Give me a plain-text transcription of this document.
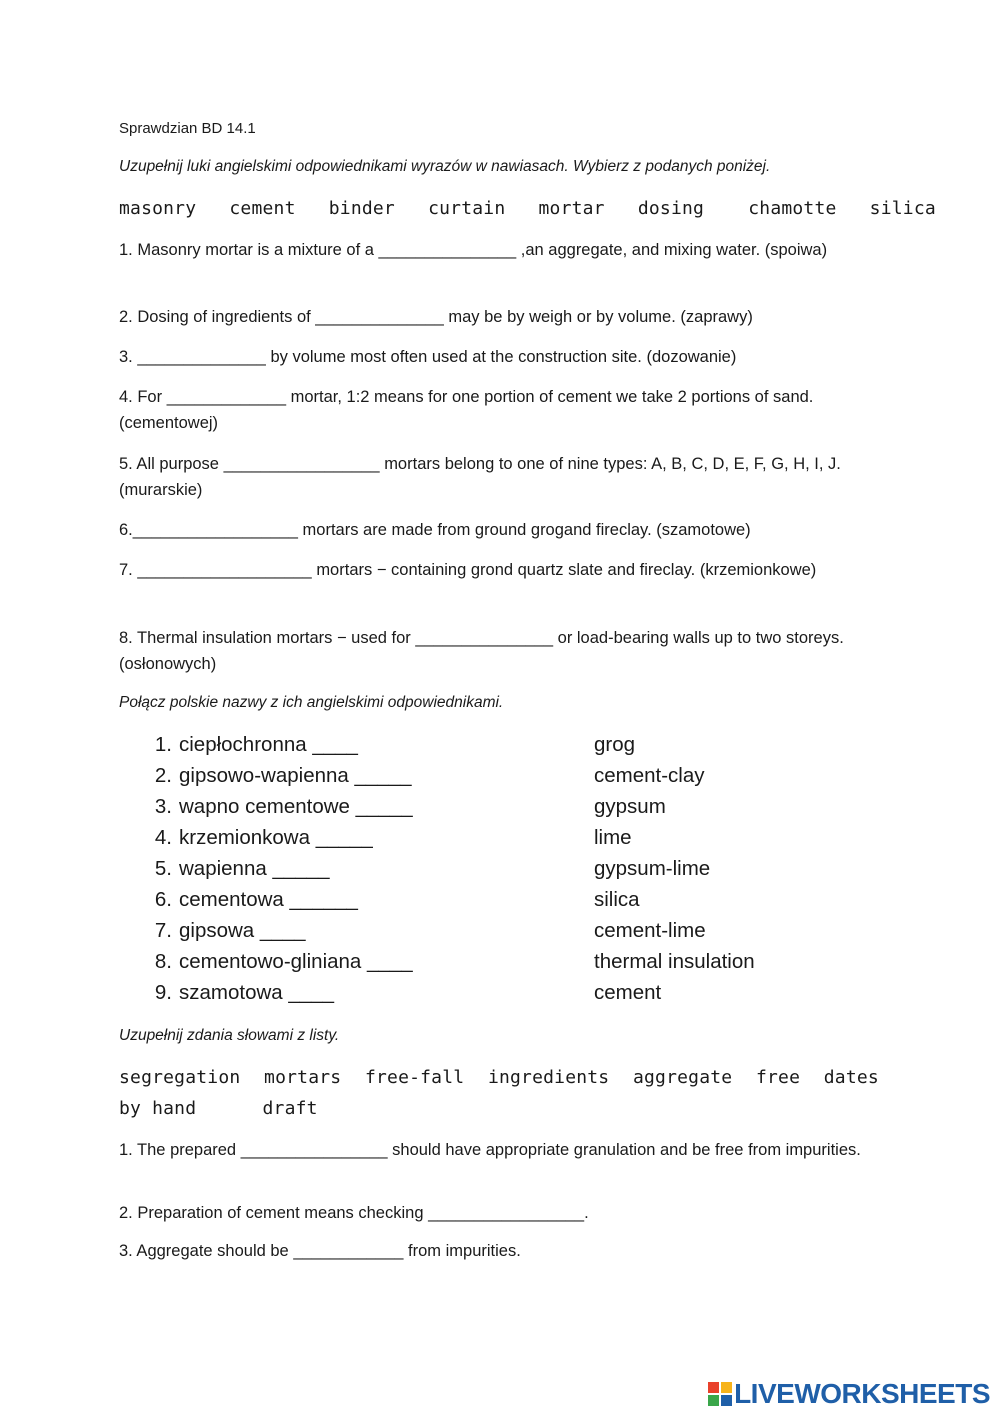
Sprawdzian BD 14.1
Uzupełnij luki angielskimi odpowiednikami wyrazów w nawiasach. Wybierz z podanych poniżej.
masonry cement binder curtain mortar dosing chamotte silica
1. Masonry mortar is a mixture of a _______________ ,an aggregate, and mixing water. (spoiwa)
2. Dosing of ingredients of ______________ may be by weigh or by volume. (zaprawy)
3. ______________ by volume most often used at the construction site. (dozowanie)
4. For _____________ mortar, 1:2 means for one portion of cement we take 2 portions of sand. (cementowej)
5. All purpose _________________ mortars belong to one of nine types: A, B, C, D, E, F, G, H, I, J. (murarskie)
6.__________________ mortars are made from ground grogand fireclay. (szamotowe)
7. ___________________ mortars − containing grond quartz slate and fireclay. (krzemionkowe)
8. Thermal insulation mortars − used for _______________ or load-bearing walls up to two storeys. (osłonowych)
Połącz polskie nazwy z ich angielskimi odpowiednikami.
1. ciepłochronna ____	grog
2. gipsowo-wapienna _____	cement-clay
3. wapno cementowe _____	gypsum
4. krzemionkowa _____	lime
5. wapienna _____	gypsum-lime
6. cementowa ______	silica
7. gipsowa ____	cement-lime
8. cementowo-gliniana ____	thermal insulation
9. szamotowa ____	cement
Uzupełnij zdania słowami z listy.
segregation mortars free-fall ingredients aggregate free dates
by hand	draft
1. The prepared ________________ should have appropriate granulation and be free from impurities.
2. Preparation of cement means checking _________________.
3. Aggregate should be ____________ from impurities.
LIVEWORKSHEETS
